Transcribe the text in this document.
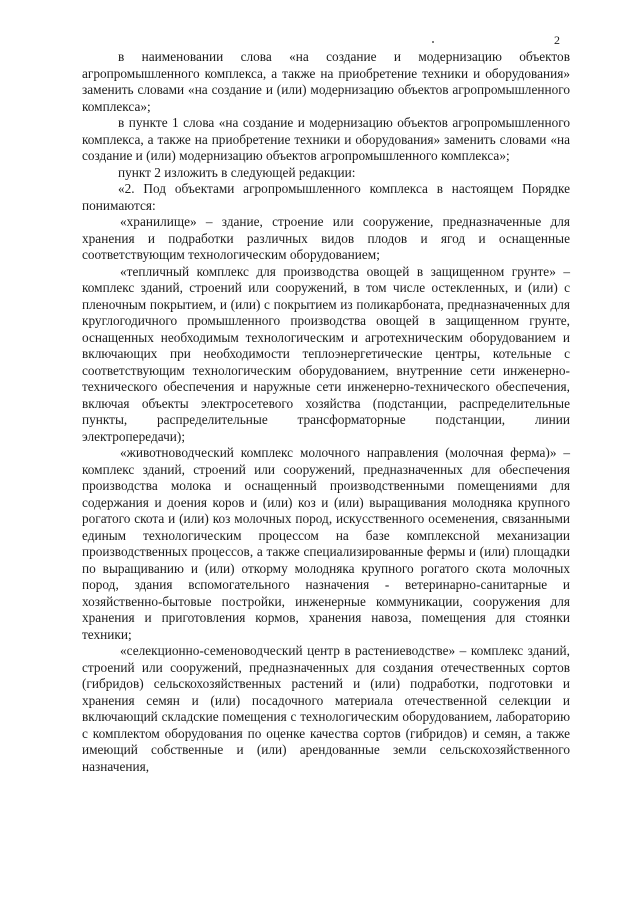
2

в наименовании слова «на создание и модернизацию объектов агропромышленного комплекса, а также на приобретение техники и оборудования» заменить словами «на создание и (или) модернизацию объектов агропромышленного комплекса»;

в пункте 1 слова «на создание и модернизацию объектов агропромышленного комплекса, а также на приобретение техники и оборудования» заменить словами «на создание и (или) модернизацию объектов агропромышленного комплекса»;

пункт 2 изложить в следующей редакции:

«2. Под объектами агропромышленного комплекса в настоящем Порядке понимаются:

«хранилище» – здание, строение или сооружение, предназначенные для хранения и подработки различных видов плодов и ягод и оснащенные соответствующим технологическим оборудованием;

«тепличный комплекс для производства овощей в защищенном грунте» – комплекс зданий, строений или сооружений, в том числе остекленных, и (или) с пленочным покрытием, и (или) с покрытием из поликарбоната, предназначенных для круглогодичного промышленного производства овощей в защищенном грунте, оснащенных необходимым технологическим и агротехническим оборудованием и включающих при необходимости теплоэнергетические центры, котельные с соответствующим технологическим оборудованием, внутренние сети инженерно-технического обеспечения и наружные сети инженерно-технического обеспечения, включая объекты электросетевого хозяйства (подстанции, распределительные пункты, распределительные трансформаторные подстанции, линии электропередачи);

«животноводческий комплекс молочного направления (молочная ферма)» – комплекс зданий, строений или сооружений, предназначенных для обеспечения производства молока и оснащенный производственными помещениями для содержания и доения коров и (или) коз и (или) выращивания молодняка крупного рогатого скота и (или) коз молочных пород, искусственного осеменения, связанными единым технологическим процессом на базе комплексной механизации производственных процессов, а также специализированные фермы и (или) площадки по выращиванию и (или) откорму молодняка крупного рогатого скота молочных пород, здания вспомогательного назначения - ветеринарно-санитарные и хозяйственно-бытовые постройки, инженерные коммуникации, сооружения для хранения и приготовления кормов, хранения навоза, помещения для стоянки техники;

«селекционно-семеноводческий центр в растениеводстве» – комплекс зданий, строений или сооружений, предназначенных для создания отечественных сортов (гибридов) сельскохозяйственных растений и (или) подработки, подготовки и хранения семян и (или) посадочного материала отечественной селекции и включающий складские помещения с технологическим оборудованием, лабораторию с комплектом оборудования по оценке качества сортов (гибридов) и семян, а также имеющий собственные и (или) арендованные земли сельскохозяйственного назначения,
